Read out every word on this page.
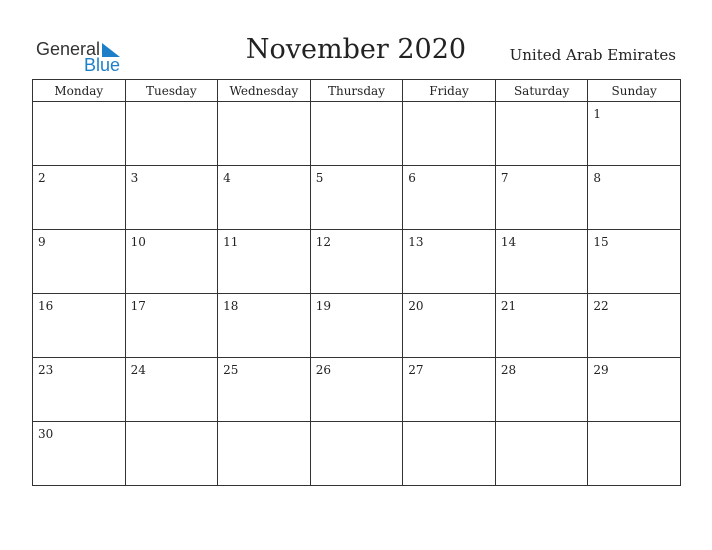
General
Blue	November 2020	United Arab Emirates
Monday	Tuesday	Wednesday	Thursday	Friday	Saturday	Sunday

						1

2	3	4	5	6	7	8

9	10	11	12	13	14	15

16	17	18	19	20	21	22

23	24	25	26	27	28	29

30						
